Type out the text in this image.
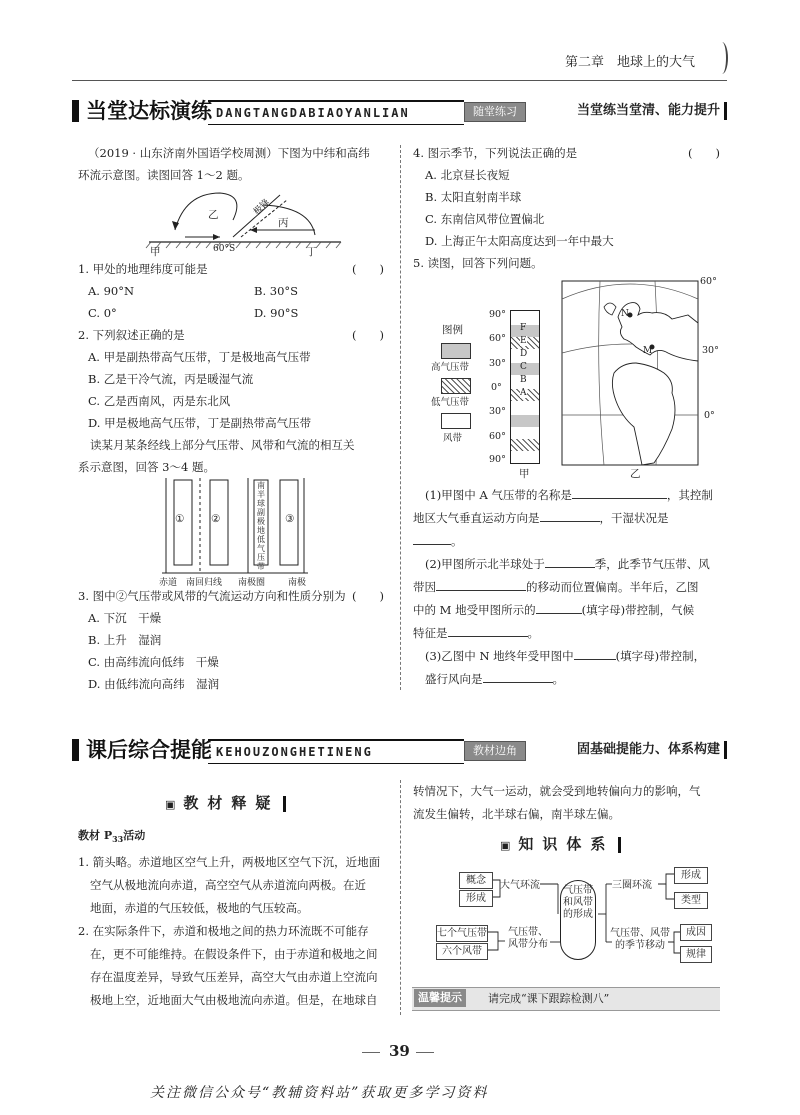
第二章　地球上的大气
当堂达标演练 DANGTANGDABIAOYANLIAN	随堂练习	当堂练当堂清、能力提升
（2019 · 山东济南外国语学校周测）下图为中纬和高纬
环流示意图。读图回答 1～2 题。
乙	极锋
丙
甲	60°S	丁
1. 甲处的地理纬度可能是	(　　)
A. 90°N	B. 30°S
C. 0°	D. 90°S
2. 下列叙述正确的是	(　　)
A. 甲是副热带高气压带，丁是极地高气压带
B. 乙是干冷气流，丙是暖湿气流
C. 乙是西南风，丙是东北风
D. 甲是极地高气压带，丁是副热带高气压带
读某月某条经线上部分气压带、风带和气流的相互关
系示意图，回答 3～4 题。
①	②
南半球副极地低气压带
③
赤道 南回归线 南极圈	南极
3. 图中②气压带或风带的气流运动方向和性质分别为 (　　)
A. 下沉　干燥
B. 上升　湿润
C. 由高纬流向低纬　干燥
D. 由低纬流向高纬　湿润
4. 图示季节，下列说法正确的是	(　　)
A. 北京昼长夜短
B. 太阳直射南半球
C. 东南信风带位置偏北
D. 上海正午太阳高度达到一年中最大
5. 读图，回答下列问题。
图例
高气压带
低气压带
风带
F
E
D
C
B
A
90°
60°
30°
0°
30°
60°
90°
甲
N
M
60°
30°
0°
乙
(1)甲图中 A 气压带的名称是	，其控制
地区大气垂直运动方向是	，干湿状况是
。
(2)甲图所示北半球处于	季，此季节气压带、风
带因	的移动而位置偏南。半年后，乙图
中的 M 地受甲图所示的	(填字母)带控制，气候
特征是	。
(3)乙图中 N 地终年受甲图中	(填字母)带控制，
盛行风向是	。
课后综合提能 KEHOUZONGHETINENG	教材边角	固基础提能力、体系构建
▣ 教材释疑
教材 $P_{33}$活动
1. 箭头略。赤道地区空气上升，两极地区空气下沉，近地面
空气从极地流向赤道，高空空气从赤道流向两极。在近
地面，赤道的气压较低，极地的气压较高。
2. 在实际条件下，赤道和极地之间的热力环流既不可能存
在，更不可能维持。在假设条件下，由于赤道和极地之间
存在温度差异，导致气压差异，高空大气由赤道上空流向
极地上空，近地面大气由极地流向赤道。但是，在地球自
转情况下，大气一运动，就会受到地转偏向力的影响，气
流发生偏转，北半球右偏，南半球左偏。
▣ 知识体系
概念
形成
大气环流
七个气压带
六个风带
气压带、风带分布
气压带和风带的形成
三圈环流
形成
类型
气压带、风带的季节移动
成因
规律
温馨提示	请完成“课下跟踪检测八”
39
关注微信公众号“教辅资料站”获取更多学习资料
